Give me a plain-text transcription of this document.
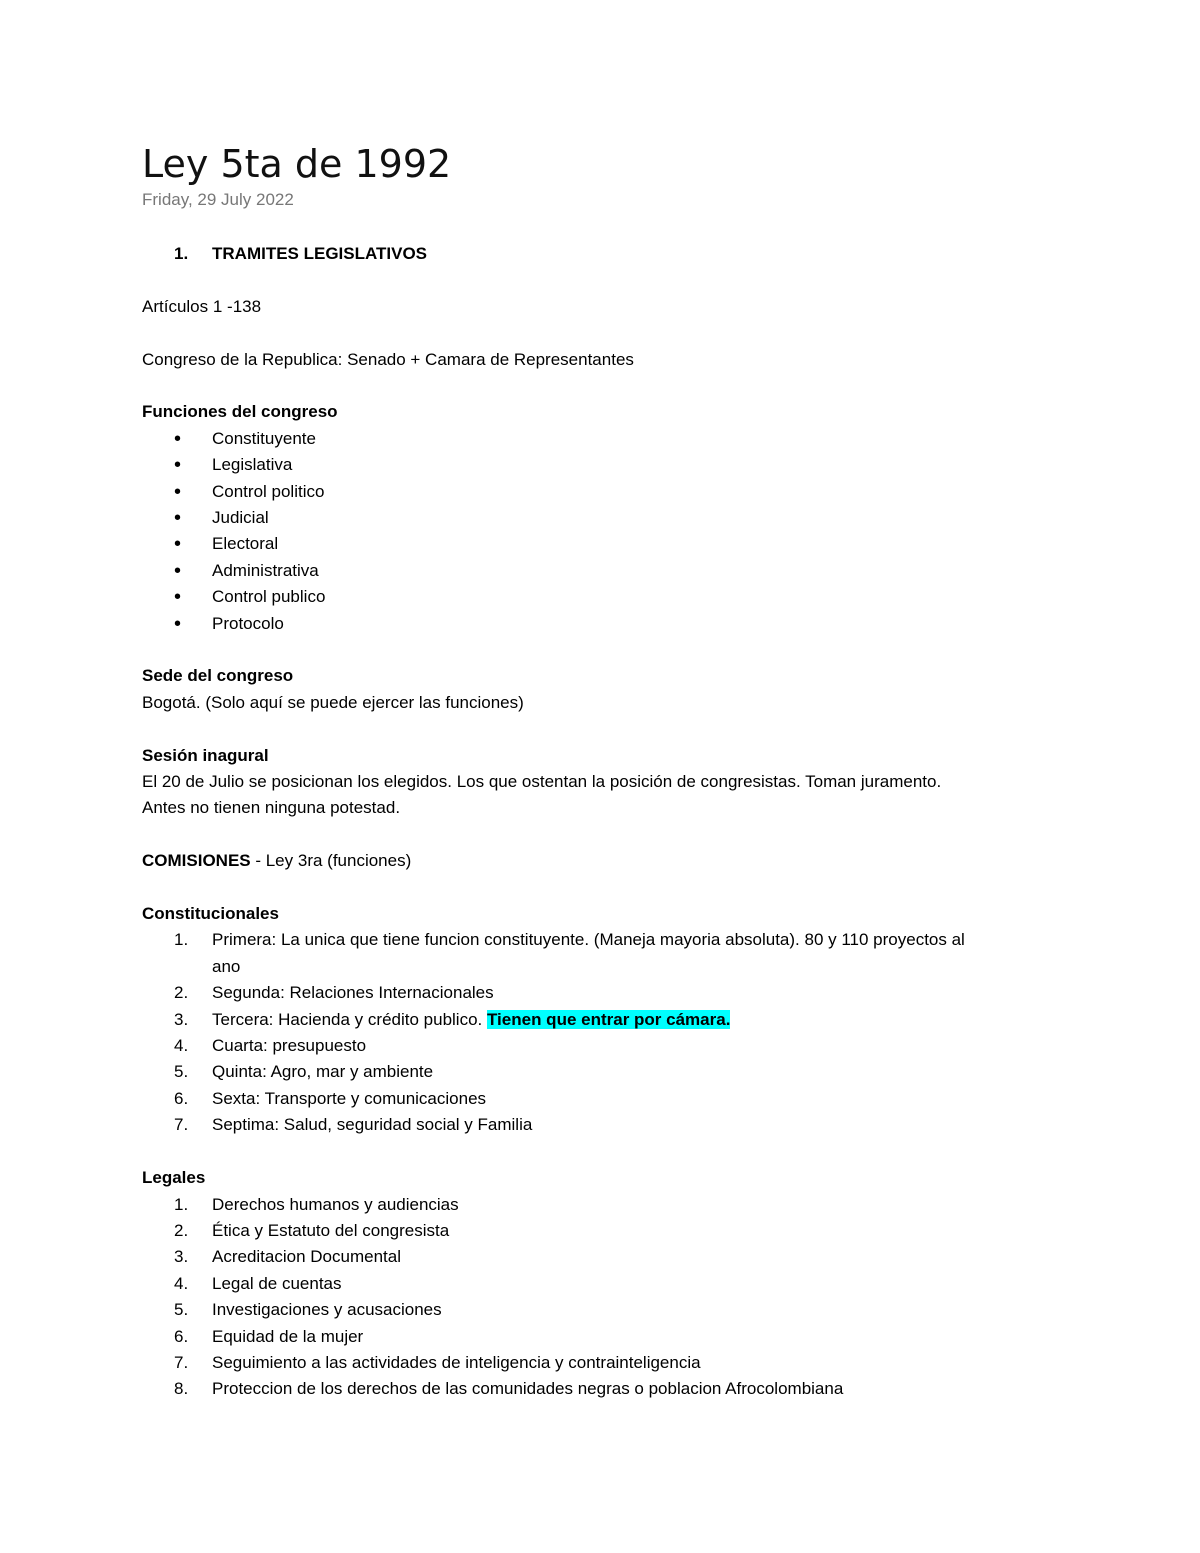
Ley 5ta de 1992

Friday, 29 July 2022

1.	TRAMITES LEGISLATIVOS

Artículos 1 -138

Congreso de la Republica: Senado + Camara de Representantes

Funciones del congreso

•	Constituyente
•	Legislativa
•	Control politico
•	Judicial
•	Electoral
•	Administrativa
•	Control publico
•	Protocolo

Sede del congreso

Bogotá. (Solo aquí se puede ejercer las funciones)

Sesión inagural

El 20 de Julio se posicionan los elegidos. Los que ostentan la posición de congresistas. Toman juramento.

Antes no tienen ninguna potestad.

COMISIONES - Ley 3ra (funciones)

Constitucionales

1.	Primera: La unica que tiene funcion constituyente. (Maneja mayoria absoluta). 80 y 110 proyectos al ano
2.	Segunda: Relaciones Internacionales
3.	Tercera: Hacienda y crédito publico. Tienen que entrar por cámara.
4.	Cuarta: presupuesto
5.	Quinta: Agro, mar y ambiente
6.	Sexta: Transporte y comunicaciones
7.	Septima: Salud, seguridad social y Familia

Legales

1.	Derechos humanos y audiencias
2.	Ética y Estatuto del congresista
3.	Acreditacion Documental
4.	Legal de cuentas
5.	Investigaciones y acusaciones
6.	Equidad de la mujer
7.	Seguimiento a las actividades de inteligencia y contrainteligencia
8.	Proteccion de los derechos de las comunidades negras o poblacion Afrocolombiana
